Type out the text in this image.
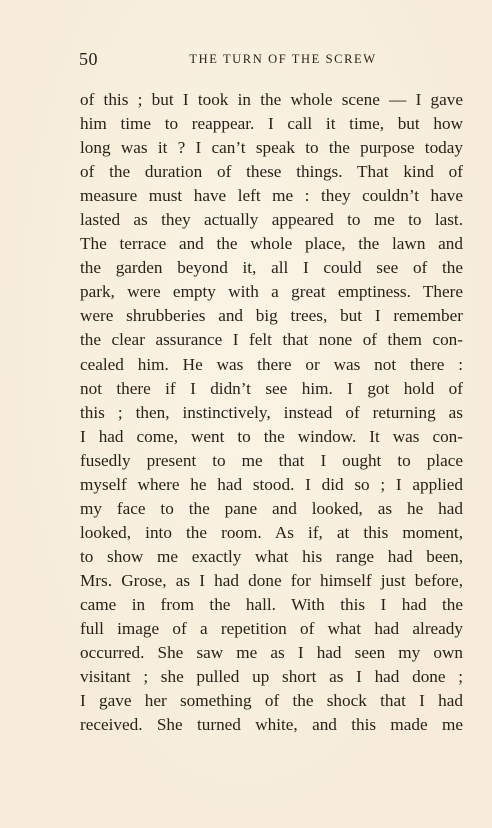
50	THE TURN OF THE SCREW
of this ; but I took in the whole scene — I gave
him time to reappear. I call it time, but how
long was it ? I can’t speak to the purpose today
of the duration of these things. That kind of
measure must have left me : they couldn’t have
lasted as they actually appeared to me to last.
The terrace and the whole place, the lawn and
the garden beyond it, all I could see of the
park, were empty with a great emptiness. There
were shrubberies and big trees, but I remember
the clear assurance I felt that none of them con-
cealed him. He was there or was not there :
not there if I didn’t see him. I got hold of
this ; then, instinctively, instead of returning as
I had come, went to the window. It was con-
fusedly present to me that I ought to place
myself where he had stood. I did so ; I applied
my face to the pane and looked, as he had
looked, into the room. As if, at this moment,
to show me exactly what his range had been,
Mrs. Grose, as I had done for himself just before,
came in from the hall. With this I had the
full image of a repetition of what had already
occurred. She saw me as I had seen my own
visitant ; she pulled up short as I had done ;
I gave her something of the shock that I had
received. She turned white, and this made me
